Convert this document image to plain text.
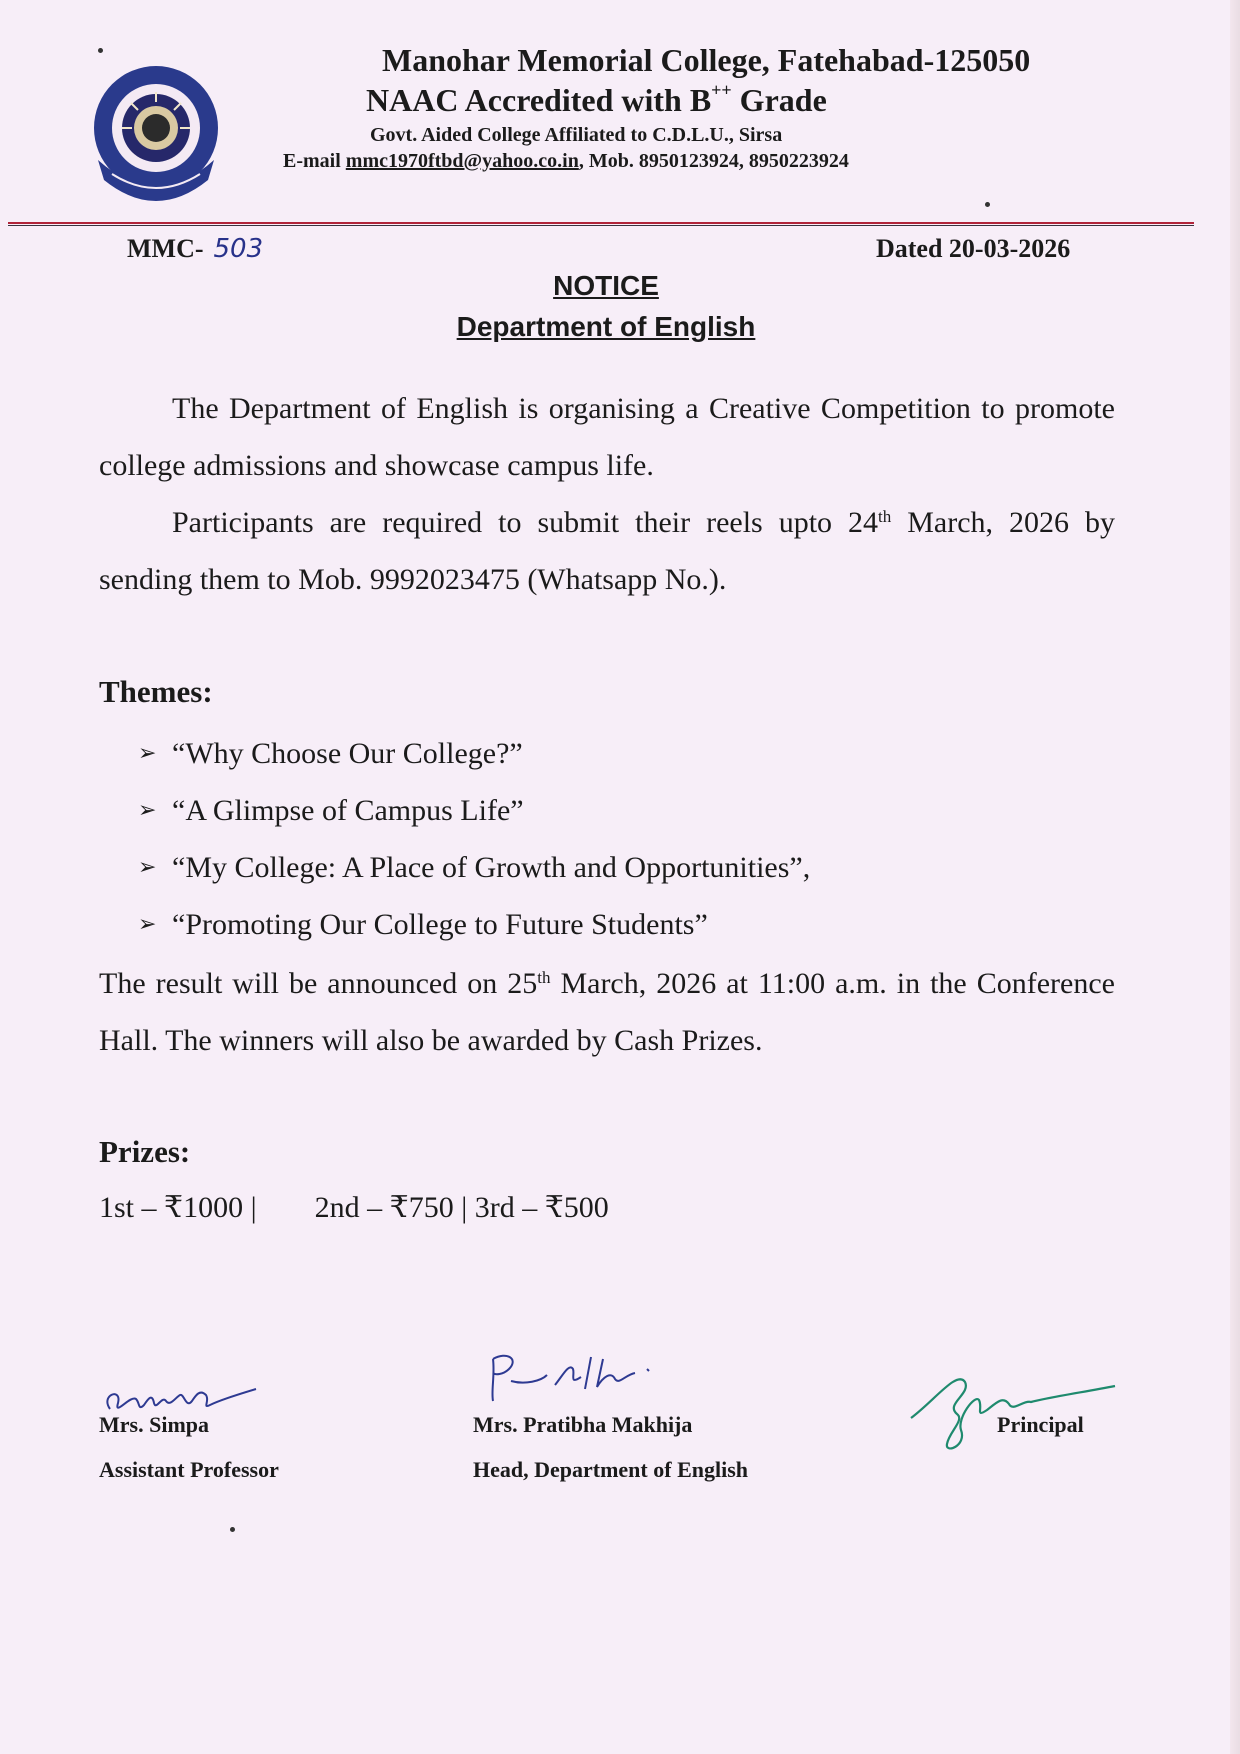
Manohar Memorial College, Fatehabad-125050
NAAC Accredited with B++ Grade
Govt. Aided College Affiliated to C.D.L.U., Sirsa
E-mail mmc1970ftbd@yahoo.co.in, Mob. 8950123924, 8950223924
MMC- 503	Dated 20-03-2026
NOTICE
Department of English
The Department of English is organising a Creative Competition to promote college admissions and showcase campus life.
Participants are required to submit their reels upto 24th March, 2026 by sending them to Mob. 9992023475 (Whatsapp No.).
Themes:
➢ “Why Choose Our College?”
➢ “A Glimpse of Campus Life”
➢ “My College: A Place of Growth and Opportunities”,
➢ “Promoting Our College to Future Students”
The result will be announced on 25th March, 2026 at 11:00 a.m. in the Conference Hall. The winners will also be awarded by Cash Prizes.
Prizes:
1st – ₹1000 | 2nd – ₹750 | 3rd – ₹500
Mrs. Simpa
Assistant Professor
Mrs. Pratibha Makhija
Head, Department of English
Principal
